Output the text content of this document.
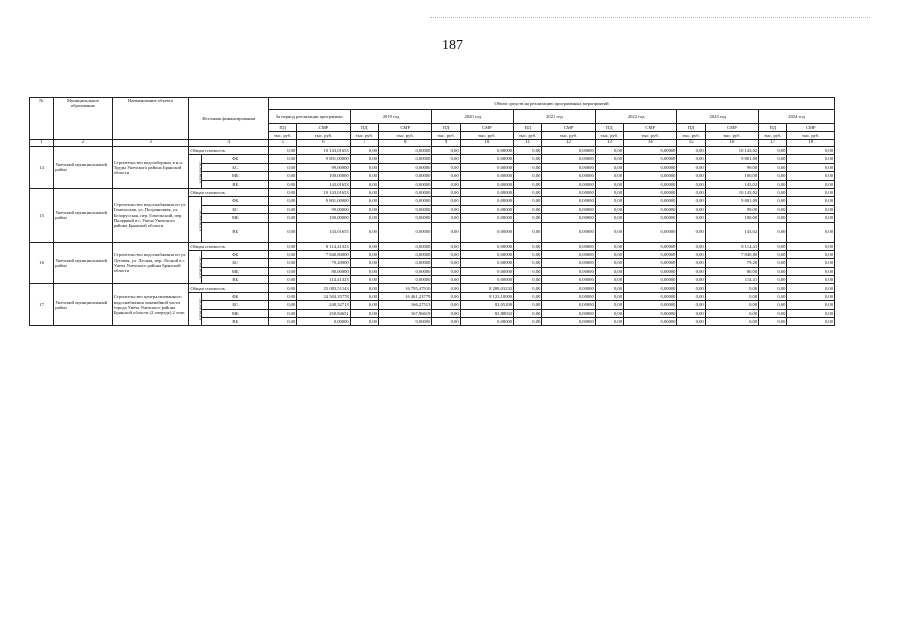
187
№	Муниципальное образование	Наименование объекта	Источник финансирования		Объем средств на реализацию программных мероприятий													
					За период реализации программы:		2019 год		2020 год		2021 год		2022 год		2023 год		2024 год	
					ПД	СМР	ПД	СМР	ПД	СМР	ПД	СМР	ПД	СМР	ПД	СМР	ПД	СМР
					тыс. руб.	тыс. руб.	тыс. руб.	тыс. руб.	тыс. руб.	тыс. руб.	тыс. руб.	тыс. руб.	тыс. руб.	тыс. руб.	тыс. руб.	тыс. руб.	тыс. руб.	тыс. руб.
1	2	3	4		5	6	7	8	9	10	11	12	13	14	15	16	17	18
14	Унечский муниципальный район	Строительство водозаборных в н.п. Труды Унечского района Брянской области	Общая стоимость		0,00	10 143,01653	0,00	0,00000	0,00	0,00000	0,00	0,00000	0,00	0,00000	0,00	10 143,02	0,00	0,00
			в том числе:	ФБ	0,00	9 801,00000	0,00	0,00000	0,00	0,00000	0,00	0,00000	0,00	0,00000	0,00	9 801,00	0,00	0,00
				БС	0,00	99,00000	0,00	0,00000	0,00	0,00000	0,00	0,00000	0,00	0,00000	0,00	99,00	0,00	0,00
				МБ	0,00	100,00000	0,00	0,00000	0,00	0,00000	0,00	0,00000	0,00	0,00000	0,00	100,00	0,00	0,00
				ВБ	0,00	143,01653	0,00	0,00000	0,00	0,00000	0,00	0,00000	0,00	0,00000	0,00	143,02	0,00	0,00
15	Унечский муниципальный район	Строительство водоснабжения по ул. Гомельская, ул. Пограничная, ул. Белорусская, пер. Гомельский, пер. Полярный в г. Унеча Унечского района Брянской области	Общая стоимость		0,00	10 143,01653	0,00	0,00000	0,00	0,00000	0,00	0,00000	0,00	0,00000	0,00	10 143,02	0,00	0,00
			в том числе:	ФБ	0,00	9 801,00000	0,00	0,00000	0,00	0,00000	0,00	0,00000	0,00	0,00000	0,00	9 801,00	0,00	0,00
				БС	0,00	99,00000	0,00	0,00000	0,00	0,00000	0,00	0,00000	0,00	0,00000	0,00	99,00	0,00	0,00
				МБ	0,00	100,00000	0,00	0,00000	0,00	0,00000	0,00	0,00000	0,00	0,00000	0,00	100,00	0,00	0,00
				ВБ	0,00	143,01653	0,00	0,00000	0,00	0,00000	0,00	0,00000	0,00	0,00000	0,00	143,02	0,00	0,00
16	Унечский муниципальный район	Строительство водоснабжения по ул. Луговая, ул. Лесная, пер. Лесной в г. Унеча Унечского района Брянской области	Общая стоимость		0,00	8 114,41323	0,00	0,00000	0,00	0,00000	0,00	0,00000	0,00	0,00000	0,00	8 114,41	0,00	0,00
			в том числе:	ФБ	0,00	7 840,80000	0,00	0,00000	0,00	0,00000	0,00	0,00000	0,00	0,00000	0,00	7 840,80	0,00	0,00
				БС	0,00	79,20000	0,00	0,00000	0,00	0,00000	0,00	0,00000	0,00	0,00000	0,00	79,20	0,00	0,00
				МБ	0,00	80,00000	0,00	0,00000	0,00	0,00000	0,00	0,00000	0,00	0,00000	0,00	80,00	0,00	0,00
				ВБ	0,00	114,41323	0,00	0,00000	0,00	0,00000	0,00	0,00000	0,00	0,00000	0,00	114,41	0,00	0,00
17	Унечский муниципальный район	Строительство централизованного водоснабжения заженейной части города Унеча Унечского района Брянской области (2 очередь) 2 этап	Общая стоимость		0,00	25 083,51143	0,00	16 795,47910	0,00	8 288,03232	0,00	0,00000	0,00	0,00000	0,00	0,00	0,00	0,00
			в том числе:	ФБ	0,00	24 584,35778	0,00	16 461,23779	0,00	8 123,10000	0,00	0,00000	0,00	0,00000	0,00	0,00	0,00	0,00
				БС	0,00	248,32713	0,00	166,27513	0,00	82,05200	0,00	0,00000	0,00	0,00000	0,00	0,00	0,00	0,00
				МБ	0,00	250,84651	0,00	167,96619	0,00	82,88032	0,00	0,00000	0,00	0,00000	0,00	0,00	0,00	0,00
				ВБ	0,00	0,00000	0,00	0,00000	0,00	0,00000	0,00	0,00000	0,00	0,00000	0,00	0,00	0,00	0,00
